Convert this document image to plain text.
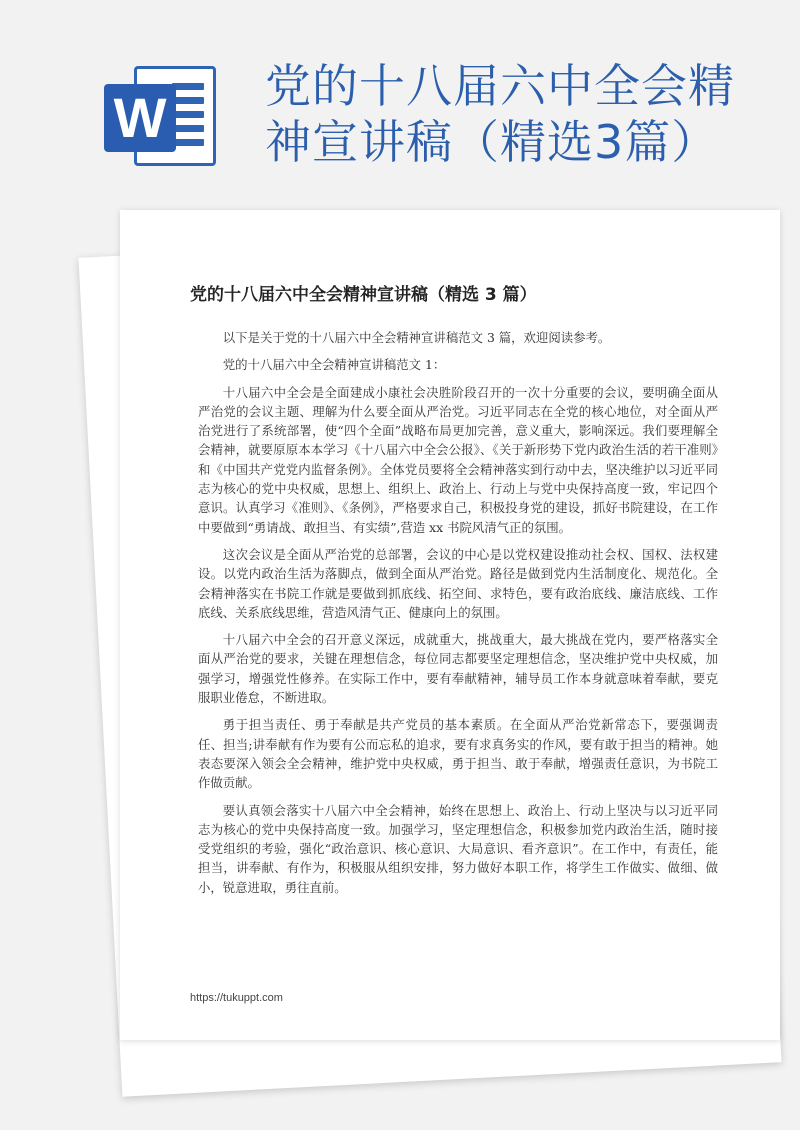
W 党的十八届六中全会精
神宣讲稿（精选3篇）
党的十八届六中全会精神宣讲稿（精选 3 篇）

以下是关于党的十八届六中全会精神宣讲稿范文 3 篇，欢迎阅读参考。

党的十八届六中全会精神宣讲稿范文 1：

十八届六中全会是全面建成小康社会决胜阶段召开的一次十分重要的会议，要明确全面从严治党的会议主题、理解为什么要全面从严治党。习近平同志在全党的核心地位，对全面从严治党进行了系统部署，使“四个全面”战略布局更加完善，意义重大，影响深远。我们要理解全会精神，就要原原本本学习《十八届六中全会公报》、《关于新形势下党内政治生活的若干准则》和《中国共产党党内监督条例》。全体党员要将全会精神落实到行动中去，坚决维护以习近平同志为核心的党中央权威，思想上、组织上、政治上、行动上与党中央保持高度一致，牢记四个意识。认真学习《准则》、《条例》，严格要求自己，积极投身党的建设，抓好书院建设，在工作中要做到“勇请战、敢担当、有实绩”,营造 xx 书院风清气正的氛围。

这次会议是全面从严治党的总部署，会议的中心是以党权建设推动社会权、国权、法权建设。以党内政治生活为落脚点，做到全面从严治党。路径是做到党内生活制度化、规范化。全会精神落实在书院工作就是要做到抓底线、拓空间、求特色，要有政治底线、廉洁底线、工作底线、关系底线思维，营造风清气正、健康向上的氛围。

十八届六中全会的召开意义深远，成就重大，挑战重大，最大挑战在党内，要严格落实全面从严治党的要求，关键在理想信念，每位同志都要坚定理想信念，坚决维护党中央权威，加强学习，增强党性修养。在实际工作中，要有奉献精神，辅导员工作本身就意味着奉献，要克服职业倦怠，不断进取。

勇于担当责任、勇于奉献是共产党员的基本素质。在全面从严治党新常态下，要强调责任、担当;讲奉献有作为要有公而忘私的追求，要有求真务实的作风，要有敢于担当的精神。她表态要深入领会全会精神，维护党中央权威，勇于担当、敢于奉献，增强责任意识，为书院工作做贡献。

要认真领会落实十八届六中全会精神，始终在思想上、政治上、行动上坚决与以习近平同志为核心的党中央保持高度一致。加强学习，坚定理想信念，积极参加党内政治生活，随时接受党组织的考验，强化“政治意识、核心意识、大局意识、看齐意识”。在工作中，有责任，能担当，讲奉献、有作为，积极服从组织安排，努力做好本职工作，将学生工作做实、做细、做小，锐意进取，勇往直前。

https://tukuppt.com
